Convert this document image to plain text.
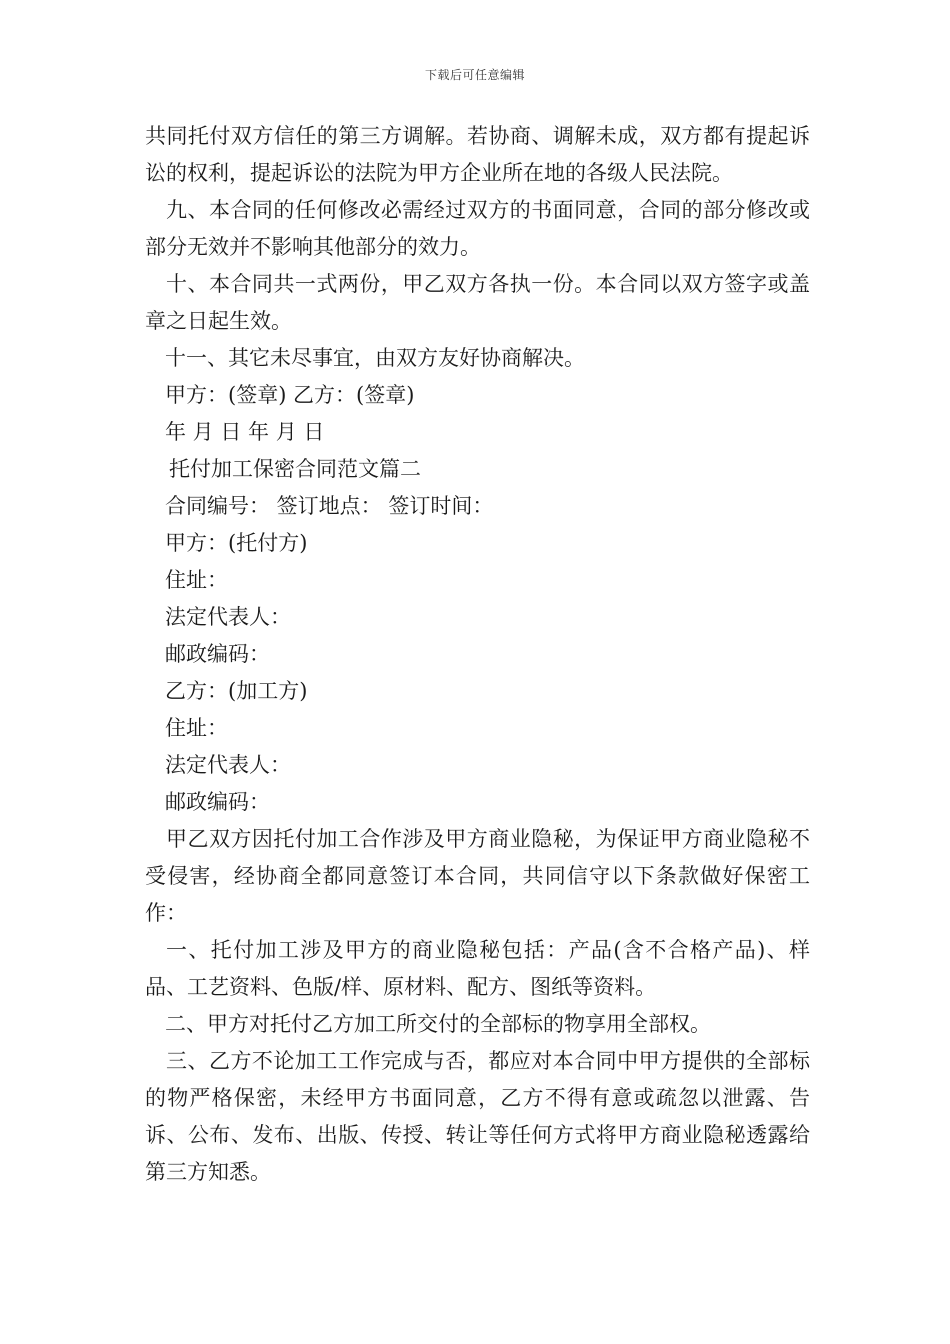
下载后可任意编辑

共同托付双方信任的第三方调解。若协商、调解未成，双方都有提起诉讼的权利，提起诉讼的法院为甲方企业所在地的各级人民法院。

九、本合同的任何修改必需经过双方的书面同意，合同的部分修改或部分无效并不影响其他部分的效力。

十、本合同共一式两份，甲乙双方各执一份。本合同以双方签字或盖章之日起生效。

十一、其它未尽事宜，由双方友好协商解决。

甲方：(签章) 乙方：(签章)

年 月 日 年 月 日

托付加工保密合同范文篇二

合同编号： 签订地点： 签订时间：

甲方：(托付方)

住址：

法定代表人：

邮政编码：

乙方：(加工方)

住址：

法定代表人：

邮政编码：

甲乙双方因托付加工合作涉及甲方商业隐秘，为保证甲方商业隐秘不受侵害，经协商全都同意签订本合同，共同信守以下条款做好保密工作：

一、托付加工涉及甲方的商业隐秘包括：产品(含不合格产品)、样品、工艺资料、色版/样、原材料、配方、图纸等资料。

二、甲方对托付乙方加工所交付的全部标的物享用全部权。

三、乙方不论加工工作完成与否，都应对本合同中甲方提供的全部标的物严格保密，未经甲方书面同意，乙方不得有意或疏忽以泄露、告诉、公布、发布、出版、传授、转让等任何方式将甲方商业隐秘透露给第三方知悉。
